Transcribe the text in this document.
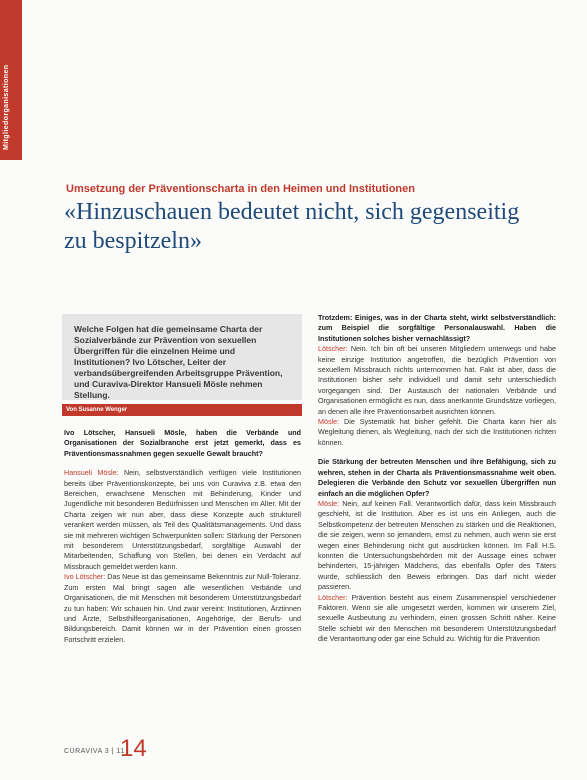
Mitgliedorganisationen
Umsetzung der Präventionscharta in den Heimen und Institutionen
«Hinzuschauen bedeutet nicht, sich gegenseitig zu bespitzeln»
Welche Folgen hat die gemeinsame Charta der Sozialverbände zur Prävention von sexuellen Übergriffen für die einzelnen Heime und Institutionen? Ivo Lötscher, Leiter der verbandsübergreifenden Arbeitsgruppe Prävention, und Curaviva-Direktor Hansueli Mösle nehmen Stellung.
Von Susanne Wenger

Ivo Lötscher, Hansueli Mösle, haben die Verbände und Organisationen der Sozialbranche erst jetzt gemerkt, dass es Präventionsmassnahmen gegen sexuelle Gewalt braucht?

Hansueli Mösle: Nein, selbstverständlich verfügen viele Institutionen bereits über Präventionskonzepte, bei uns von Curaviva z.B. etwa den Bereichen, erwachsene Menschen mit Behinderung, Kinder und Jugendliche mit besonderen Bedürfnissen und Menschen im Alter. Mit der Charta zeigen wir nun aber, dass diese Konzepte auch strukturell verankert werden müssen, als Teil des Qualitätsmanagements. Und dass sie mit mehreren wichtigen Schwerpunkten sollen: Stärkung der Personen mit besonderem Unterstützungsbedarf, sorgfältige Auswahl der Mitarbeitenden, Schaffung von Stellen, bei denen ein Verdacht auf Missbrauch gemeldet werden kann.
Ivo Lötscher: Das Neue ist das gemeinsame Bekenntnis zur Null-Toleranz. Zum ersten Mal bringt sagen alle wesentlichen Verbände und Organisationen, die mit Menschen mit besonderem Unterstützungsbedarf zu tun haben: Wir schauen hin. Und zwar vereint: Institutionen, Ärztinnen und Ärzte, Selbsthilfeorganisationen, Angehörige, der Berufs- und Bildungsbereich. Damit können wir in der Prävention einen grossen Fortschritt erzielen.

Trotzdem: Einiges, was in der Charta steht, wirkt selbstverständlich: zum Beispiel die sorgfältige Personalauswahl. Haben die Institutionen solches bisher vernachlässigt?
Lötscher: Nein. Ich bin oft bei unseren Mitgliedern unterwegs und habe keine einzige Institution angetroffen, die bezüglich Prävention von sexuellem Missbrauch nichts unternommen hat. Fakt ist aber, dass die Institutionen bisher sehr individuell und damit sehr unterschiedlich vorgegangen sind. Der Austausch der nationalen Verbände und Organisationen ermöglicht es nun, dass anerkannte Grundsätze vorliegen, an denen alle ihre Präventionsarbeit ausrichten können.
Mösle: Die Systematik hat bisher gefehlt. Die Charta kann hier als Wegleitung dienen, als Wegleitung, nach der sich die Institutionen richten können.

Die Stärkung der betreuten Menschen und ihre Befähigung, sich zu wehren, stehen in der Charta als Präventionsmassnahme weit oben. Delegieren die Verbände den Schutz vor sexuellen Übergriffen nun einfach an die möglichen Opfer?
Mösle: Nein, auf keinen Fall. Verantwortlich dafür, dass kein Missbrauch geschieht, ist die Institution. Aber es ist uns ein Anliegen, auch die Selbstkompetenz der betreuten Menschen zu stärken und die Reaktionen, die sie zeigen, wenn so jemandem, ernst zu nehmen, auch wenn sie erst wegen einer Behinderung nicht gut ausdrücken können. Im Fall H.S. konnten die Untersuchungsbehörden mit der Aussage eines schwer behinderten, 15-jährigen Mädchens, das ebenfalls Opfer des Täters wurde, schliesslich den Beweis erbringen. Das darf nicht wieder passieren.
Lötscher: Prävention besteht aus einem Zusammenspiel verschiedener Faktoren. Wenn sie alle umgesetzt werden, kommen wir unserem Ziel, sexuelle Ausbeutung zu verhindern, einen grossen Schritt näher. Keine Stelle schiebt wir den Menschen mit besonderem Unterstützungsbedarf die Verantwortung oder gar eine Schuld zu. Wichtig für die Prävention

CURAVIVA 3 | 11
14
